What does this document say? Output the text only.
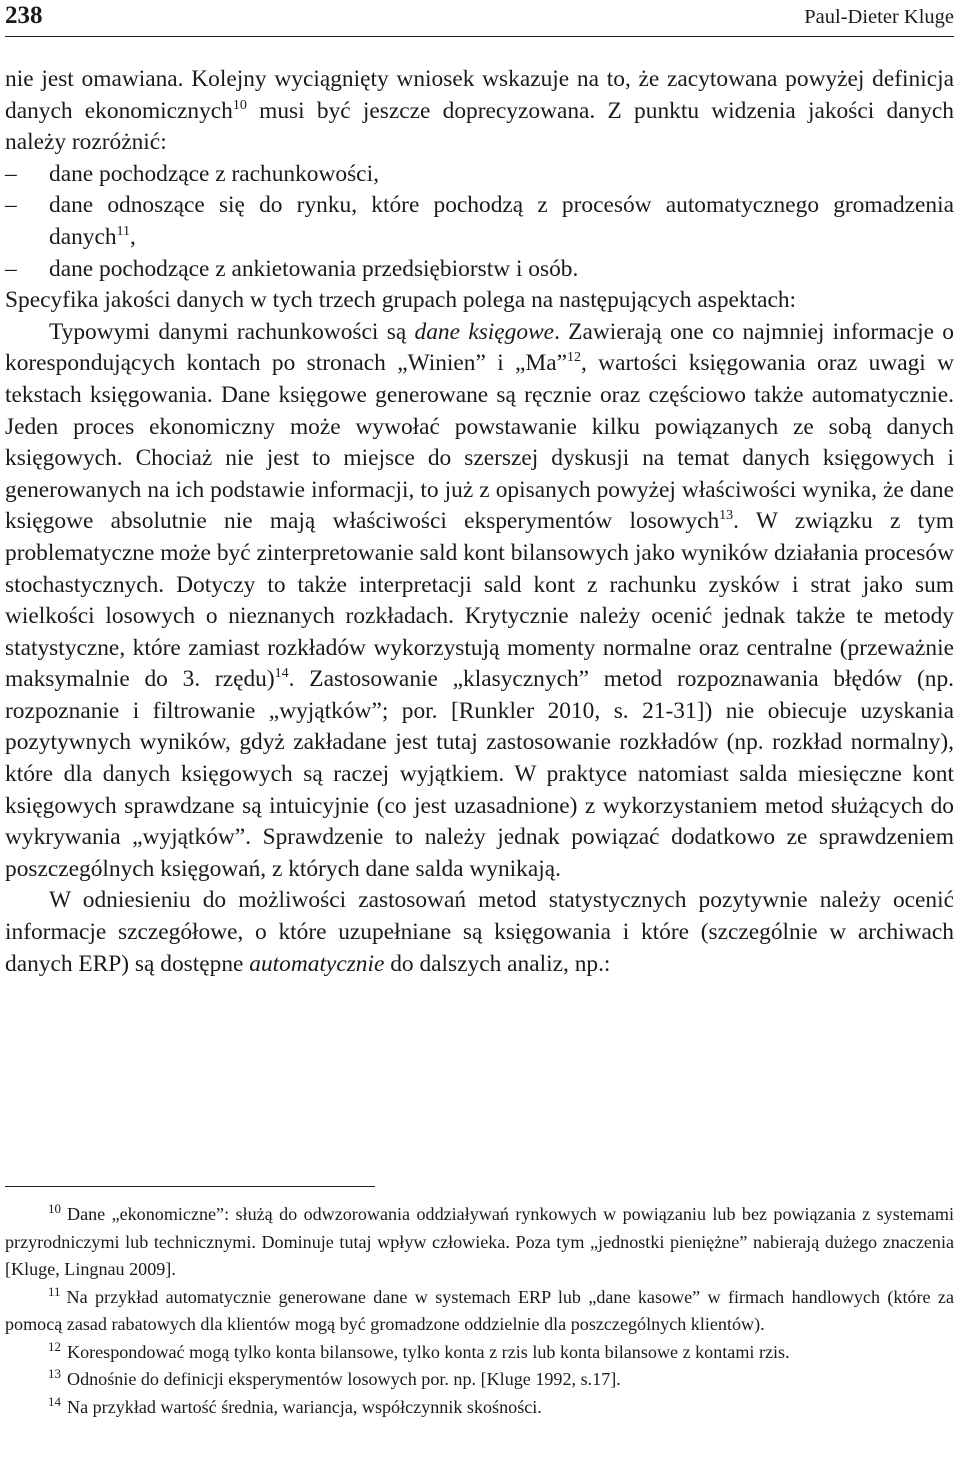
238	Paul-Dieter Kluge

nie jest omawiana. Kolejny wyciągnięty wniosek wskazuje na to, że zacytowana powyżej definicja danych ekonomicznych$^{10}$ musi być jeszcze doprecyzowana. Z punktu widzenia jakości danych należy rozróżnić:

–	dane pochodzące z rachunkowości,
–	dane odnoszące się do rynku, które pochodzą z procesów automatycznego gromadzenia danych$^{11}$,
–	dane pochodzące z ankietowania przedsiębiorstw i osób.

Specyfika jakości danych w tych trzech grupach polega na następujących aspektach:

Typowymi danymi rachunkowości są dane księgowe. Zawierają one co najmniej informacje o korespondujących kontach po stronach „Winien” i „Ma”$^{12}$, wartości księgowania oraz uwagi w tekstach księgowania. Dane księgowe generowane są ręcznie oraz częściowo także automatycznie. Jeden proces ekonomiczny może wywołać powstawanie kilku powiązanych ze sobą danych księgowych. Chociaż nie jest to miejsce do szerszej dyskusji na temat danych księgowych i generowanych na ich podstawie informacji, to już z opisanych powyżej właściwości wynika, że dane księgowe absolutnie nie mają właściwości eksperymentów losowych$^{13}$. W związku z tym problematyczne może być zinterpretowanie sald kont bilansowych jako wyników działania procesów stochastycznych. Dotyczy to także interpretacji sald kont z rachunku zysków i strat jako sum wielkości losowych o nieznanych rozkładach. Krytycznie należy ocenić jednak także te metody statystyczne, które zamiast rozkładów wykorzystują momenty normalne oraz centralne (przeważnie maksymalnie do 3. rzędu)$^{14}$. Zastosowanie „klasycznych” metod rozpoznawania błędów (np. rozpoznanie i filtrowanie „wyjątków”; por. [Runkler 2010, s. 21-31]) nie obiecuje uzyskania pozytywnych wyników, gdyż zakładane jest tutaj zastosowanie rozkładów (np. rozkład normalny), które dla danych księgowych są raczej wyjątkiem. W praktyce natomiast salda miesięczne kont księgowych sprawdzane są intuicyjnie (co jest uzasadnione) z wykorzystaniem metod służących do wykrywania „wyjątków”. Sprawdzenie to należy jednak powiązać dodatkowo ze sprawdzeniem poszczególnych księgowań, z których dane salda wynikają.

W odniesieniu do możliwości zastosowań metod statystycznych pozytywnie należy ocenić informacje szczegółowe, o które uzupełniane są księgowania i które (szczególnie w archiwach danych ERP) są dostępne automatycznie do dalszych analiz, np.:

10 Dane „ekonomiczne”: służą do odwzorowania oddziaływań rynkowych w powiązaniu lub bez powiązania z systemami przyrodniczymi lub technicznymi. Dominuje tutaj wpływ człowieka. Poza tym „jednostki pieniężne” nabierają dużego znaczenia [Kluge, Lingnau 2009].

11 Na przykład automatycznie generowane dane w systemach ERP lub „dane kasowe” w firmach handlowych (które za pomocą zasad rabatowych dla klientów mogą być gromadzone oddzielnie dla poszczególnych klientów).

12 Korespondować mogą tylko konta bilansowe, tylko konta z rzis lub konta bilansowe z kontami rzis.

13 Odnośnie do definicji eksperymentów losowych por. np. [Kluge 1992, s.17].

14 Na przykład wartość średnia, wariancja, współczynnik skośności.
